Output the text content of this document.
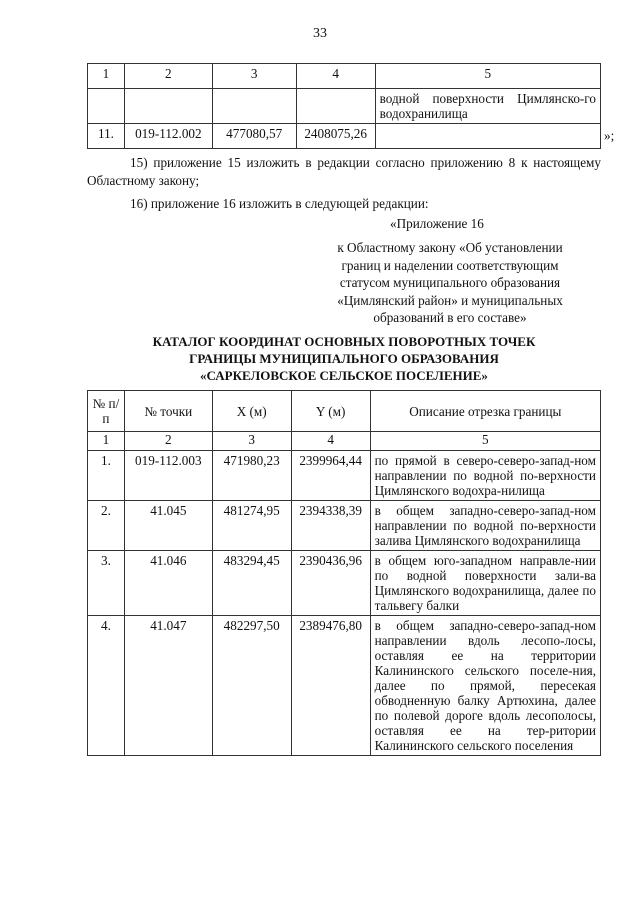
33
1	2	3	4	5
				водной поверхности Цимлянско-го водохранилища
11.	019-112.002	477080,57	2408075,26		»;
15) приложение 15 изложить в редакции согласно приложению 8 к настоящему Областному закону;
16) приложение 16 изложить в следующей редакции:
«Приложение 16
к Областному закону «Об установлении
границ и наделении соответствующим
статусом муниципального образования
«Цимлянский район» и муниципальных
образований в его составе»
КАТАЛОГ КООРДИНАТ ОСНОВНЫХ ПОВОРОТНЫХ ТОЧЕК
ГРАНИЦЫ МУНИЦИПАЛЬНОГО ОБРАЗОВАНИЯ
«САРКЕЛОВСКОЕ СЕЛЬСКОЕ ПОСЕЛЕНИЕ»
№ п/п	№ точки	X (м)	Y (м)	Описание отрезка границы
1	2	3	4	5
1.	019-112.003	471980,23	2399964,44	по прямой в северо-северо-запад-ном направлении по водной по-верхности Цимлянского водохра-нилища
2.	41.045	481274,95	2394338,39	в общем западно-северо-запад-ном направлении по водной по-верхности залива Цимлянского водохранилища
3.	41.046	483294,45	2390436,96	в общем юго-западном направле-нии по водной поверхности зали-ва Цимлянского водохранилища, далее по тальвегу балки
4.	41.047	482297,50	2389476,80	в общем западно-северо-запад-ном направлении вдоль лесопо-лосы, оставляя ее на территории Калининского сельского поселе-ния, далее по прямой, пересекая обводненную балку Артюхина, далее по полевой дороге вдоль лесополосы, оставляя ее на тер-ритории Калининского сельского поселения
